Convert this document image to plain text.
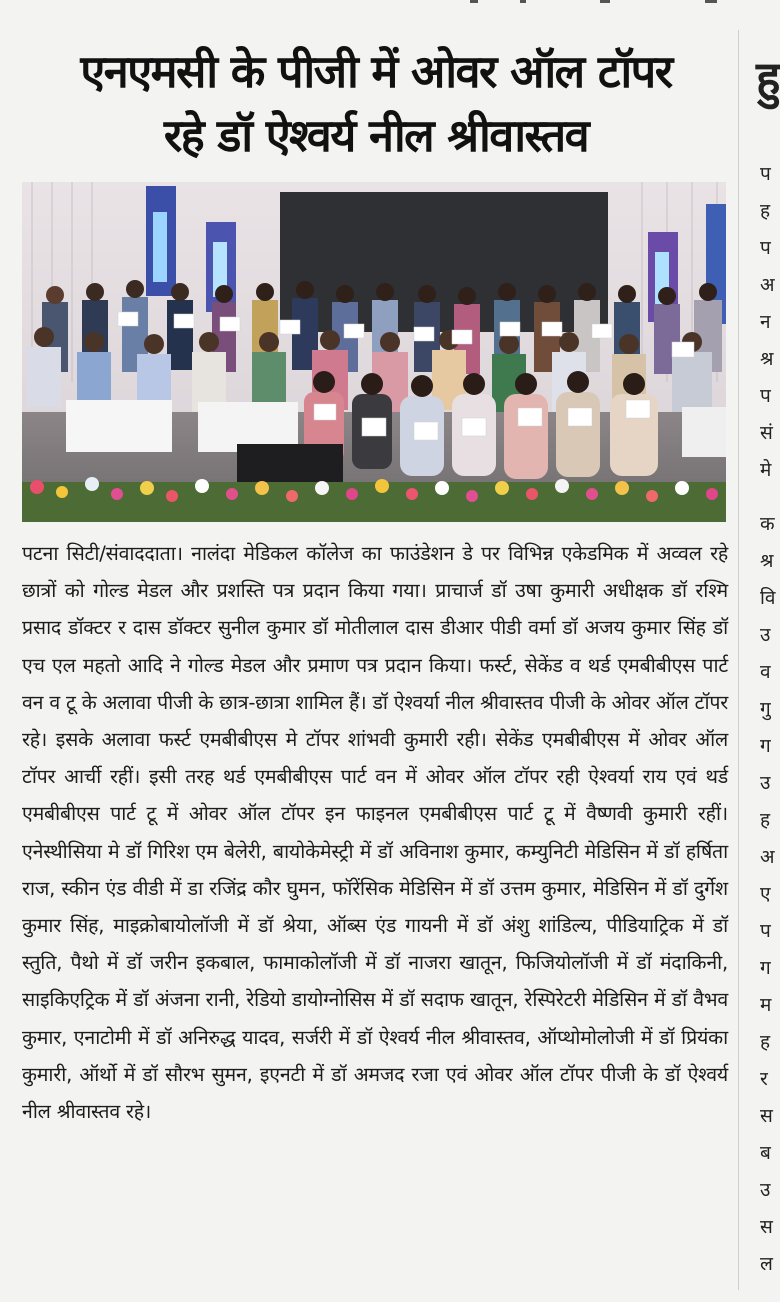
एनएमसी के पीजी में ओवर ऑल टॉपर
रहे डॉ ऐश्वर्य नील श्रीवास्तव
पटना सिटी/संवाददाता। नालंदा मेडिकल कॉलेज का फाउंडेशन डे पर विभिन्न एकेडमिक में अव्वल रहे छात्रों को गोल्ड मेडल और प्रशस्ति पत्र प्रदान किया गया। प्राचार्ज डॉ उषा कुमारी अधीक्षक डॉ रश्मि प्रसाद डॉक्टर र दास डॉक्टर सुनील कुमार डॉ मोतीलाल दास डीआर पीडी वर्मा डॉ अजय कुमार सिंह डॉ एच एल महतो आदि ने गोल्ड मेडल और प्रमाण पत्र प्रदान किया। फर्स्ट, सेकेंड व थर्ड एमबीबीएस पार्ट वन व टू के अलावा पीजी के छात्र-छात्रा शामिल हैं। डॉ ऐश्वर्या नील श्रीवास्तव पीजी के ओवर ऑल टॉपर रहे। इसके अलावा फर्स्ट एमबीबीएस मे टॉपर शांभवी कुमारी रही। सेकेंड एमबीबीएस में ओवर ऑल टॉपर आर्ची रहीं। इसी तरह थर्ड एमबीबीएस पार्ट वन में ओवर ऑल टॉपर रही ऐश्वर्या राय एवं थर्ड एमबीबीएस पार्ट टू में ओवर ऑल टॉपर इन फाइनल एमबीबीएस पार्ट टू में वैष्णवी कुमारी रहीं। एनेस्थीसिया मे डॉ गिरिश एम बेलेरी, बायोकेमेस्ट्री में डॉ अविनाश कुमार, कम्युनिटी मेडिसिन में डॉ हर्षिता राज, स्कीन एंड वीडी में डा रजिंद्र कौर घुमन, फॉरेंसिक मेडिसिन में डॉ उत्तम कुमार, मेडिसिन में डॉ दुर्गेश कुमार सिंह, माइक्रोबायोलॉजी में डॉ श्रेया, ऑब्स एंड गायनी में डॉ अंशु शांडिल्य, पीडियाट्रिक में डॉ स्तुति, पैथो में डॉ जरीन इकबाल, फामाकोलॉजी में डॉ नाजरा खातून, फिजियोलॉजी में डॉ मंदाकिनी, साइकिएट्रिक में डॉ अंजना रानी, रेडियो डायोग्नोसिस में डॉ सदाफ खातून, रेस्पिरेटरी मेडिसिन में डॉ वैभव कुमार, एनाटोमी में डॉ अनिरुद्ध यादव, सर्जरी में डॉ ऐश्वर्य नील श्रीवास्तव, ऑप्थोमोलोजी में डॉ प्रियंका कुमारी, ऑर्थो में डॉ सौरभ सुमन, इएनटी में डॉ अमजद रजा एवं ओवर ऑल टॉपर पीजी के डॉ ऐश्वर्य नील श्रीवास्तव रहे।
हु
प
ह
प
अ
न
श्र
प
सं
मे
क
श्र
वि
उ
व
गु
ग
उ
ह
अ
ए
प
ग
म
ह
र
स
ब
उ
स
ल
